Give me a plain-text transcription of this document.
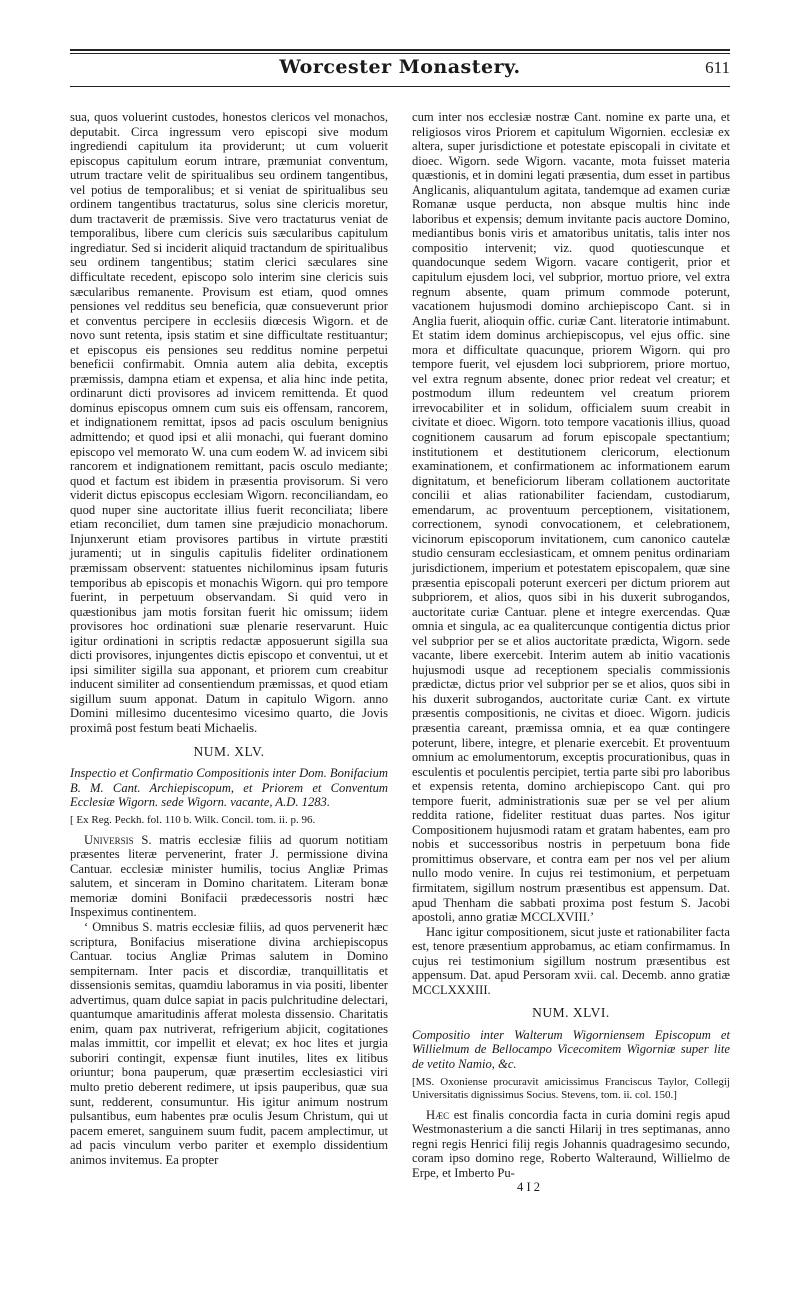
Worcester Monastery.	611

sua, quos voluerint custodes, honestos clericos vel monachos, deputabit. Circa ingressum vero episcopi sive modum ingrediendi capitulum ita providerunt; ut cum voluerit episcopus capitulum eorum intrare, præmuniat conventum, utrum tractare velit de spiritualibus seu ordinem tangentibus, vel potius de temporalibus; et si veniat de spiritualibus seu ordinem tangentibus tractaturus, solus sine clericis moretur, dum tractaverit de præmissis. Sive vero tractaturus veniat de temporalibus, libere cum clericis suis sæcularibus capitulum ingrediatur. Sed si inciderit aliquid tractandum de spiritualibus seu ordinem tangentibus; statim clerici sæculares sine difficultate recedent, episcopo solo interim sine clericis suis sæcularibus remanente. Provisum est etiam, quod omnes pensiones vel redditus seu beneficia, quæ consueverunt prior et conventus percipere in ecclesiis diœcesis Wigorn. et de novo sunt retenta, ipsis statim et sine difficultate restituantur; et episcopus eis pensiones seu redditus nomine perpetui beneficii confirmabit. Omnia autem alia debita, exceptis præmissis, dampna etiam et expensa, et alia hinc inde petita, ordinarunt dicti provisores ad invicem remittenda. Et quod dominus episcopus omnem cum suis eis offensam, rancorem, et indignationem remittat, ipsos ad pacis osculum benignius admittendo; et quod ipsi et alii monachi, qui fuerant domino episcopo vel memorato W. una cum eodem W. ad invicem sibi rancorem et indignationem remittant, pacis osculo mediante; quod et factum est ibidem in præsentia provisorum. Si vero viderit dictus episcopus ecclesiam Wigorn. reconciliandam, eo quod nuper sine auctoritate illius fuerit reconciliata; libere etiam reconciliet, dum tamen sine præjudicio monachorum. Injunxerunt etiam provisores partibus in virtute præstiti juramenti; ut in singulis capitulis fideliter ordinationem præmissam observent: statuentes nichilominus ipsam futuris temporibus ab episcopis et monachis Wigorn. qui pro tempore fuerint, in perpetuum observandam. Si quid vero in quæstionibus jam motis forsitan fuerit hic omissum; iidem provisores hoc ordinationi suæ plenarie reservarunt. Huic igitur ordinationi in scriptis redactæ apposuerunt sigilla sua dicti provisores, injungentes dictis episcopo et conventui, ut et ipsi similiter sigilla sua apponant, et priorem cum creabitur inducent similiter ad consentiendum præmissas, et quod etiam sigillum suum apponat. Datum in capitulo Wigorn. anno Domini millesimo ducentesimo vicesimo quarto, die Jovis proximâ post festum beati Michaelis.

NUM. XLV.

Inspectio et Confirmatio Compositionis inter Dom. Bonifacium B. M. Cant. Archiepiscopum, et Priorem et Conventum Ecclesiæ Wigorn. sede Wigorn. vacante, A.D. 1283.

[ Ex Reg. Peckh. fol. 110 b. Wilk. Concil. tom. ii. p. 96.

Universis S. matris ecclesiæ filiis ad quorum notitiam præsentes literæ pervenerint, frater J. permissione divina Cantuar. ecclesiæ minister humilis, tocius Angliæ Primas salutem, et sinceram in Domino charitatem. Literam bonæ memoriæ domini Bonifacii prædecessoris nostri hæc Inspeximus continentem.

‘ Omnibus S. matris ecclesiæ filiis, ad quos pervenerit hæc scriptura, Bonifacius miseratione divina archiepiscopus Cantuar. tocius Angliæ Primas salutem in Domino sempiternam. Inter pacis et discordiæ, tranquillitatis et dissensionis semitas, quamdiu laboramus in via positi, libenter advertimus, quam dulce sapiat in pacis pulchritudine delectari, quantumque amaritudinis afferat molesta dissensio. Charitatis enim, quam pax nutriverat, refrigerium abjicit, cogitationes malas immittit, cor impellit et elevat; ex hoc lites et jurgia suboriri contingit, expensæ fiunt inutiles, lites ex litibus oriuntur; bona pauperum, quæ præsertim ecclesiastici viri multo pretio deberent redimere, ut ipsis pauperibus, quæ sua sunt, redderent, consumuntur. His igitur animum nostrum pulsantibus, eum habentes præ oculis Jesum Christum, qui ut pacem emeret, sanguinem suum fudit, pacem amplectimur, ut ad pacis vinculum verbo pariter et exemplo dissidentium animos invitemus. Ea propter

cum inter nos ecclesiæ nostræ Cant. nomine ex parte una, et religiosos viros Priorem et capitulum Wigornien. ecclesiæ ex altera, super jurisdictione et potestate episcopali in civitate et dioec. Wigorn. sede Wigorn. vacante, mota fuisset materia quæstionis, et in domini legati præsentia, dum esset in partibus Anglicanis, aliquantulum agitata, tandemque ad examen curiæ Romanæ usque perducta, non absque multis hinc inde laboribus et expensis; demum invitante pacis auctore Domino, mediantibus bonis viris et amatoribus unitatis, talis inter nos compositio intervenit; viz. quod quotiescunque et quandocunque sedem Wigorn. vacare contigerit, prior et capitulum ejusdem loci, vel subprior, mortuo priore, vel extra regnum absente, quam primum commode poterunt, vacationem hujusmodi domino archiepiscopo Cant. si in Anglia fuerit, alioquin offic. curiæ Cant. literatorie intimabunt. Et statim idem dominus archiepiscopus, vel ejus offic. sine mora et difficultate quacunque, priorem Wigorn. qui pro tempore fuerit, vel ejusdem loci subpriorem, priore mortuo, vel extra regnum absente, donec prior redeat vel creatur; et postmodum illum redeuntem vel creatum priorem irrevocabiliter et in solidum, officialem suum creabit in civitate et dioec. Wigorn. toto tempore vacationis illius, quoad cognitionem causarum ad forum episcopale spectantium; institutionem et destitutionem clericorum, electionum examinationem, et confirmationem ac informationem earum dignitatum, et beneficiorum liberam collationem auctoritate concilii et alias rationabiliter faciendam, custodiarum, emendarum, ac proventuum perceptionem, visitationem, correctionem, synodi convocationem, et celebrationem, vicinorum episcoporum invitationem, cum canonico cautelæ studio censuram ecclesiasticam, et omnem penitus ordinariam jurisdictionem, imperium et potestatem episcopalem, quæ sine præsentia episcopali poterunt exerceri per dictum priorem aut subpriorem, et alios, quos sibi in his duxerit subrogandos, auctoritate curiæ Cantuar. plene et integre exercendas. Quæ omnia et singula, ac ea qualitercunque contigentia dictus prior vel subprior per se et alios auctoritate prædicta, Wigorn. sede vacante, libere exercebit. Interim autem ab initio vacationis hujusmodi usque ad receptionem specialis commissionis prædictæ, dictus prior vel subprior per se et alios, quos sibi in his duxerit subrogandos, auctoritate curiæ Cant. ex virtute præsentis compositionis, ne civitas et dioec. Wigorn. judicis præsentia careant, præmissa omnia, et ea quæ contingere poterunt, libere, integre, et plenarie exercebit. Et proventuum omnium ac emolumentorum, exceptis procurationibus, quas in esculentis et poculentis percipiet, tertia parte sibi pro laboribus et expensis retenta, domino archiepiscopo Cant. qui pro tempore fuerit, administrationis suæ per se vel per alium reddita ratione, fideliter restituat duas partes. Nos igitur Compositionem hujusmodi ratam et gratam habentes, eam pro nobis et successoribus nostris in perpetuum bona fide promittimus observare, et contra eam per nos vel per alium nullo modo venire. In cujus rei testimonium, et perpetuam firmitatem, sigillum nostrum præsentibus est appensum. Dat. apud Thenham die sabbati proxima post festum S. Jacobi apostoli, anno gratiæ MCCLXVIII.’

Hanc igitur compositionem, sicut juste et rationabiliter facta est, tenore præsentium approbamus, ac etiam confirmamus. In cujus rei testimonium sigillum nostrum præsentibus est appensum. Dat. apud Persoram xvii. cal. Decemb. anno gratiæ MCCLXXXIII.

NUM. XLVI.

Compositio inter Walterum Wigorniensem Episcopum et Willielmum de Bellocampo Vicecomitem Wigorniæ super lite de vetito Namio, &c.

[MS. Oxoniense procuravit amicissimus Franciscus Taylor, Collegij Universitatis dignissimus Socius. Stevens, tom. ii. col. 150.]

Hæc est finalis concordia facta in curia domini regis apud Westmonasterium a die sancti Hilarij in tres septimanas, anno regni regis Henrici filij regis Johannis quadragesimo secundo, coram ipso domino rege, Roberto Walteraund, Willielmo de Erpe, et Imberto Pu-

4 I 2
